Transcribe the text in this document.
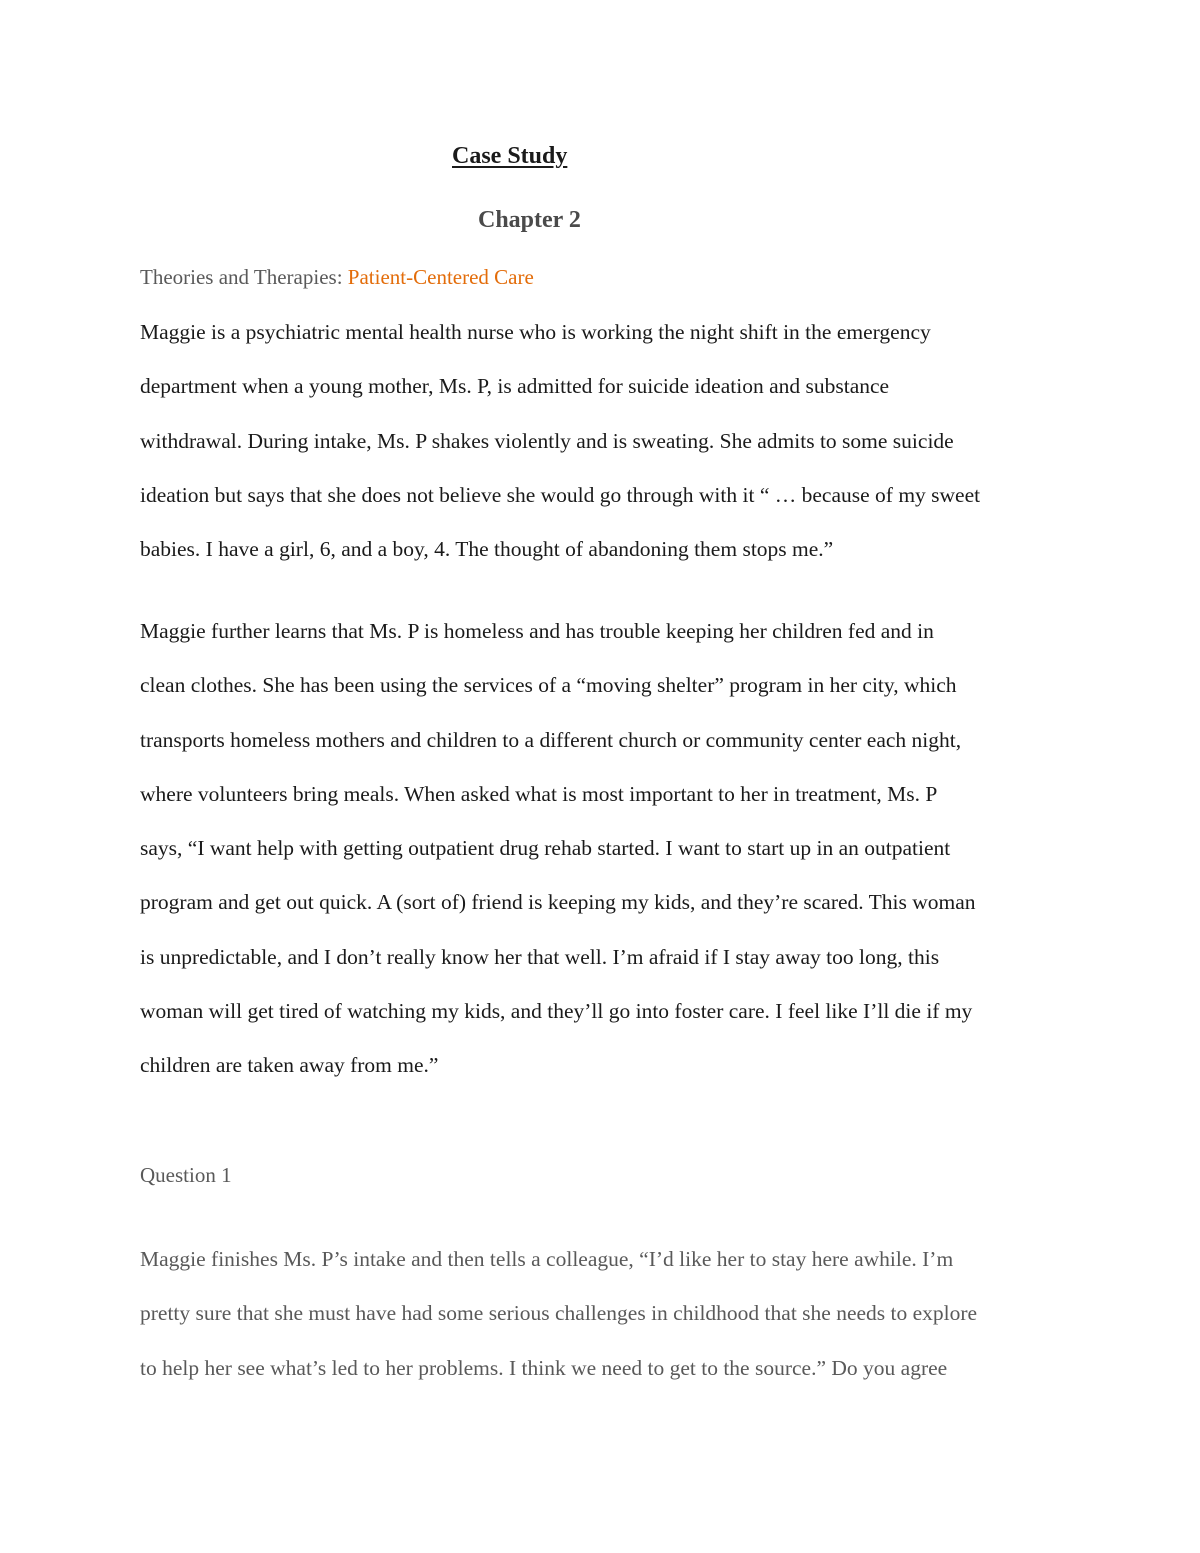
Case Study
Chapter 2

Theories and Therapies: Patient-Centered Care

Maggie is a psychiatric mental health nurse who is working the night shift in the emergency
department when a young mother, Ms. P, is admitted for suicide ideation and substance
withdrawal. During intake, Ms. P shakes violently and is sweating. She admits to some suicide
ideation but says that she does not believe she would go through with it “ … because of my sweet
babies. I have a girl, 6, and a boy, 4. The thought of abandoning them stops me.”

Maggie further learns that Ms. P is homeless and has trouble keeping her children fed and in
clean clothes. She has been using the services of a “moving shelter” program in her city, which
transports homeless mothers and children to a different church or community center each night,
where volunteers bring meals. When asked what is most important to her in treatment, Ms. P
says, “I want help with getting outpatient drug rehab started. I want to start up in an outpatient
program and get out quick. A (sort of) friend is keeping my kids, and they’re scared. This woman
is unpredictable, and I don’t really know her that well. I’m afraid if I stay away too long, this
woman will get tired of watching my kids, and they’ll go into foster care. I feel like I’ll die if my
children are taken away from me.”

Question 1

Maggie finishes Ms. P’s intake and then tells a colleague, “I’d like her to stay here awhile. I’m
pretty sure that she must have had some serious challenges in childhood that she needs to explore
to help her see what’s led to her problems. I think we need to get to the source.” Do you agree
